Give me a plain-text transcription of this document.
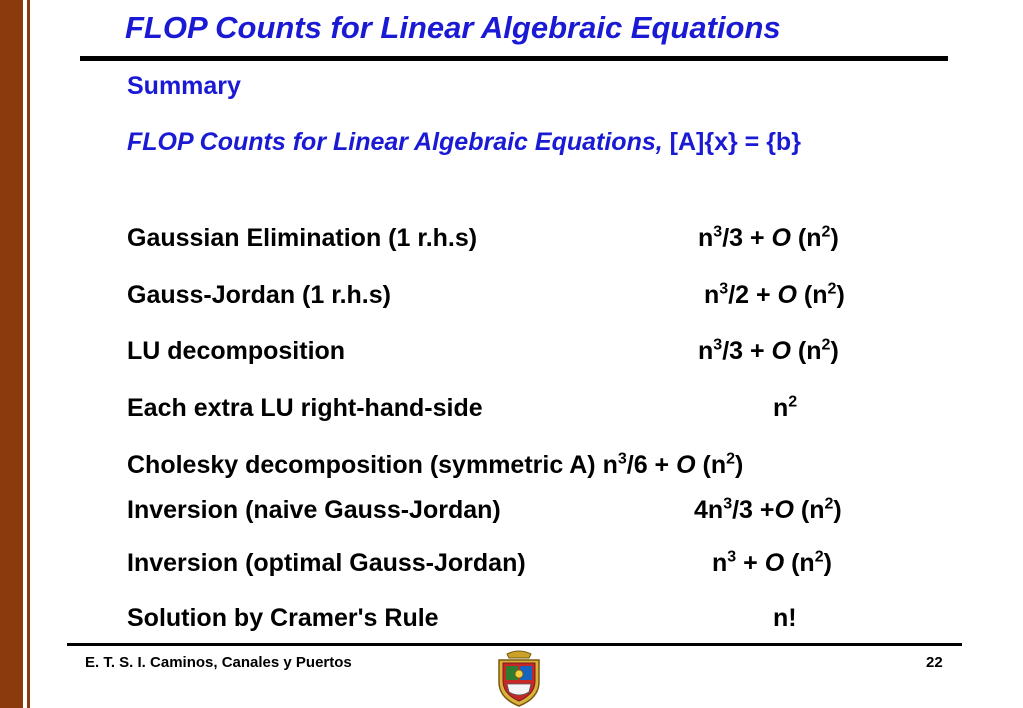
FLOP Counts for Linear Algebraic Equations
Summary
FLOP Counts for Linear Algebraic Equations, [A]{x} = {b}
Gaussian Elimination (1 r.h.s)	$n^3/3 + O$ $(n^2)$
Gauss-Jordan (1 r.h.s)	$n^3/2 + O$ $(n^2)$
LU decomposition	$n^3/3 + O$ $(n^2)$
Each extra LU right-hand-side	$n^2$
Cholesky decomposition (symmetric A) $n^3/6 + O$ $(n^2)$
Inversion (naive Gauss-Jordan)	$4n^3/3 +O$ $(n^2)$
Inversion (optimal Gauss-Jordan)	$n^3 + O$ $(n^2)$
Solution by Cramer's Rule	n!
E. T. S. I. Caminos, Canales y Puertos	22
